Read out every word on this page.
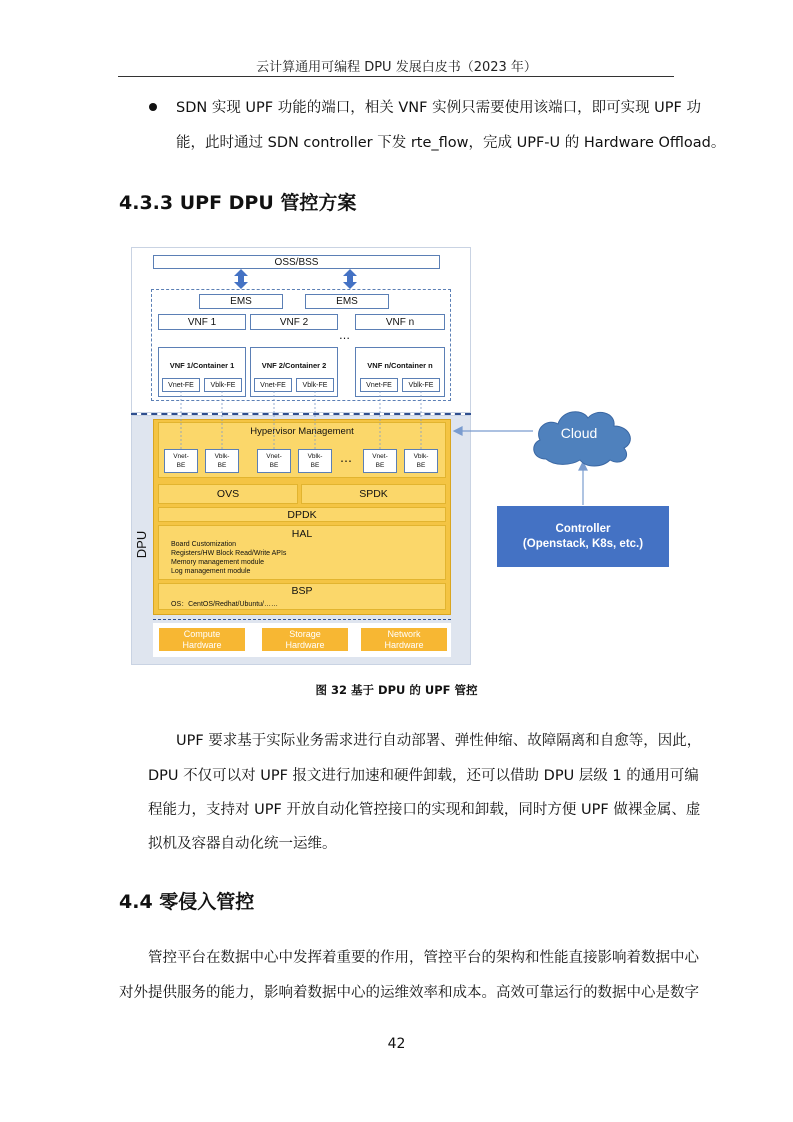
云计算通用可编程 DPU 发展白皮书（2023 年）
SDN 实现 UPF 功能的端口，相关 VNF 实例只需要使用该端口，即可实现 UPF 功
能，此时通过 SDN controller 下发 rte_flow，完成 UPF-U 的 Hardware Offload。
4.3.3 UPF DPU 管控方案
OSS/BSS
EMS	EMS
VNF 1	VNF 2	VNF n
…
VNF 1/Container 1
Vnet-FE	Vblk-FE
VNF 2/Container 2
Vnet-FE	Vblk-FE
VNF n/Container n
Vnet-FE	Vblk-FE
DPU
Hypervisor Management
Vnet-
BE
Vblk-
BE
Vnet-
BE
Vblk-
BE
…	Vnet-
BE
Vblk-
BE
OVS	SPDK
DPDK
HAL
Board Customization
Registers/HW Block Read/Write APIs
Memory management module
Log management module
BSP
OS：CentOS/Redhat/Ubuntu/……
Compute
Hardware
Storage
Hardware
Network
Hardware
Cloud
Controller
(Openstack, K8s, etc.)
图 32 基于 DPU 的 UPF 管控
UPF 要求基于实际业务需求进行自动部署、弹性伸缩、故障隔离和自愈等，因此，
DPU 不仅可以对 UPF 报文进行加速和硬件卸载，还可以借助 DPU 层级 1 的通用可编
程能力，支持对 UPF 开放自动化管控接口的实现和卸载，同时方便 UPF 做裸金属、虚
拟机及容器自动化统一运维。
4.4 零侵入管控
管控平台在数据中心中发挥着重要的作用，管控平台的架构和性能直接影响着数据中心
对外提供服务的能力，影响着数据中心的运维效率和成本。高效可靠运行的数据中心是数字
42
